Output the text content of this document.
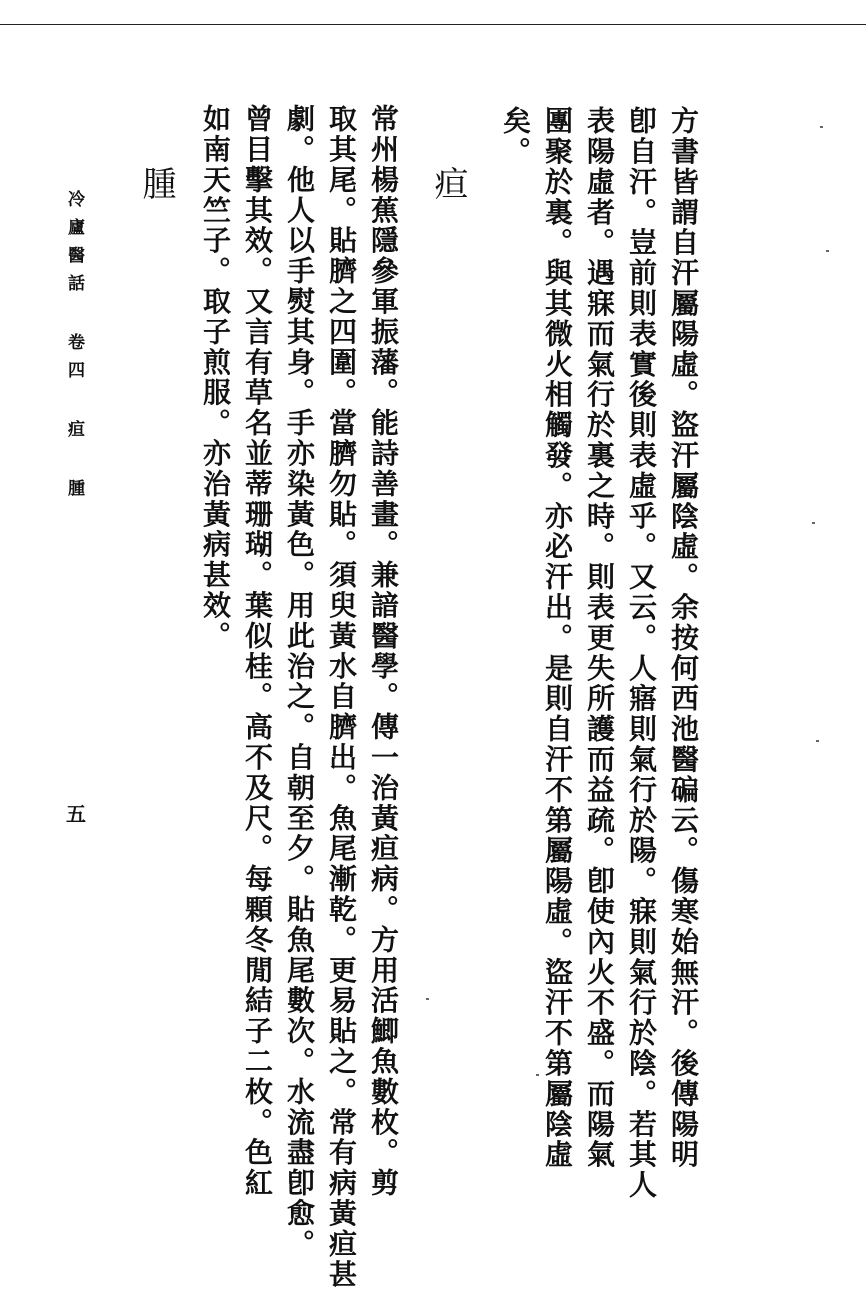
方書皆謂自汗屬陽虛。盜汗屬陰虛。余按何西池醫碥云。傷寒始無汗。後傳陽明
卽自汗。豈前則表實後則表虛乎。又云。人寤則氣行於陽。寐則氣行於陰。若其人
表陽虛者。遇寐而氣行於裏之時。則表更失所護而益疏。卽使內火不盛。而陽氣
團聚於裏。與其微火相觸發。亦必汗出。是則自汗不第屬陽虛。盜汗不第屬陰虛
矣。
疸
常州楊蕉隱參軍振藩。能詩善畫。兼諳醫學。傳一治黃疸病。方用活鯽魚數枚。剪
取其尾。貼臍之四圍。當臍勿貼。須臾黃水自臍出。魚尾漸乾。更易貼之。常有病黃疸甚
劇。他人以手熨其身。手亦染黃色。用此治之。自朝至夕。貼魚尾數次。水流盡卽愈。
曾目擊其效。又言有草名並蒂珊瑚。葉似桂。高不及尺。每顆冬閒結子二枚。色紅
如南天竺子。取子煎服。亦治黃病甚效。
腫
冷廬醫話 卷四 疸 腫
五
